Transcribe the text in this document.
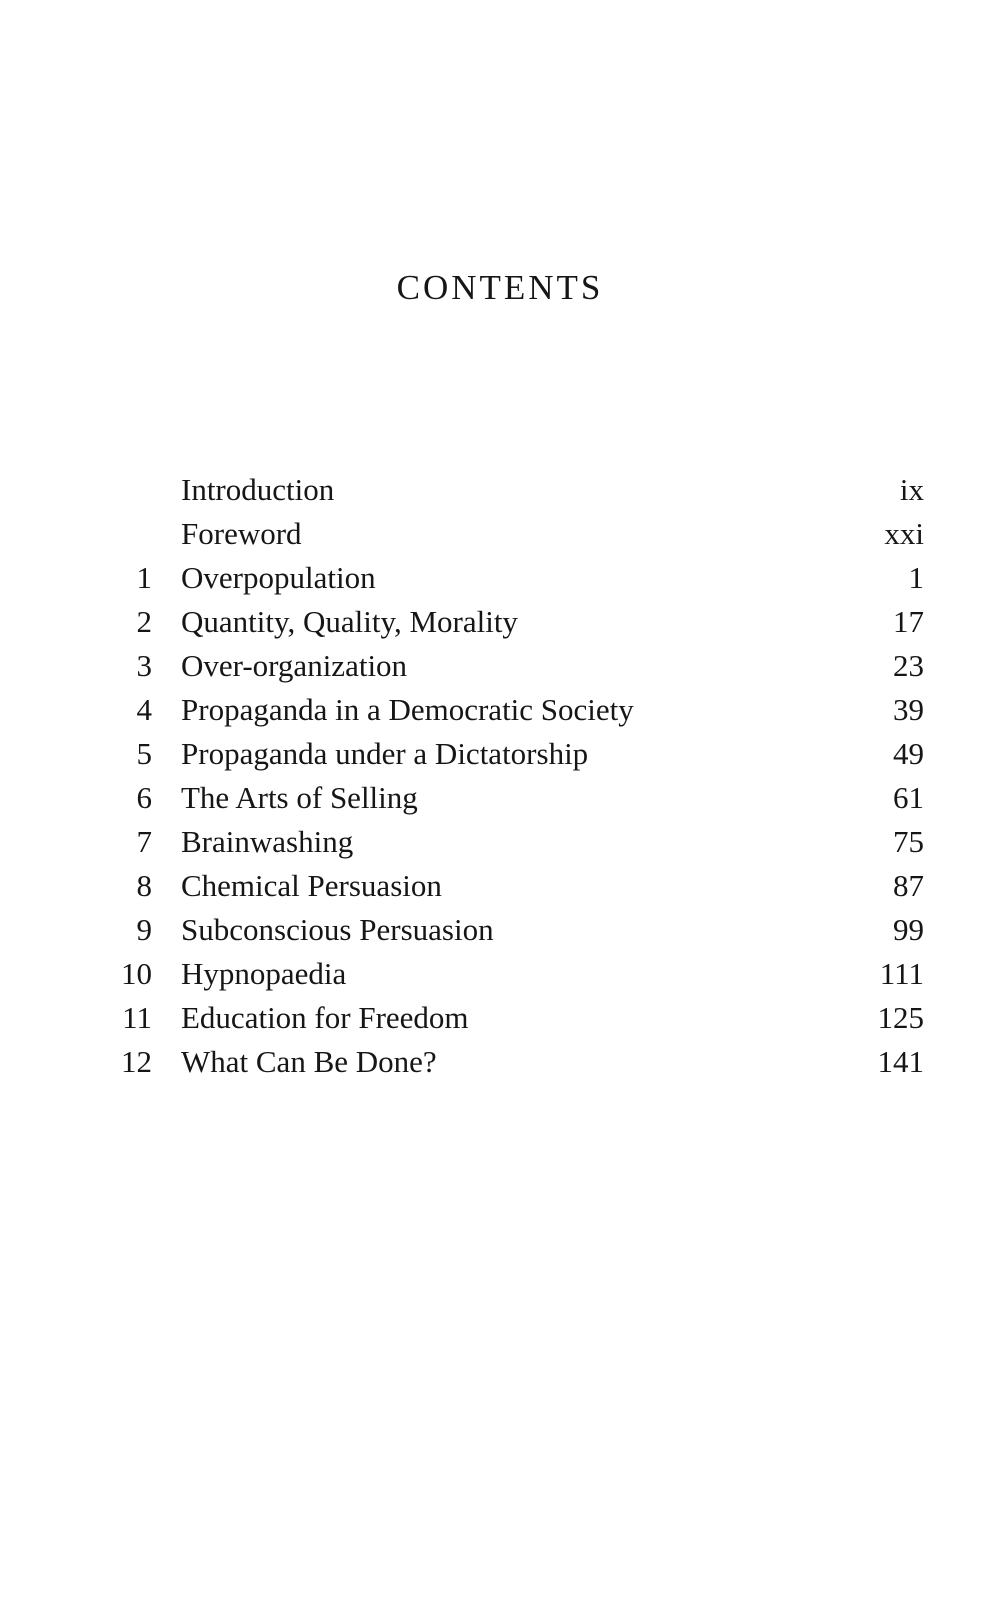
CONTENTS
Introduction	ix
Foreword	xxi
1 Overpopulation	1
2 Quantity, Quality, Morality	17
3 Over-organization	23
4 Propaganda in a Democratic Society	39
5 Propaganda under a Dictatorship	49
6 The Arts of Selling	61
7 Brainwashing	75
8 Chemical Persuasion	87
9 Subconscious Persuasion	99
10 Hypnopaedia	111
11 Education for Freedom	125
12 What Can Be Done?	141
